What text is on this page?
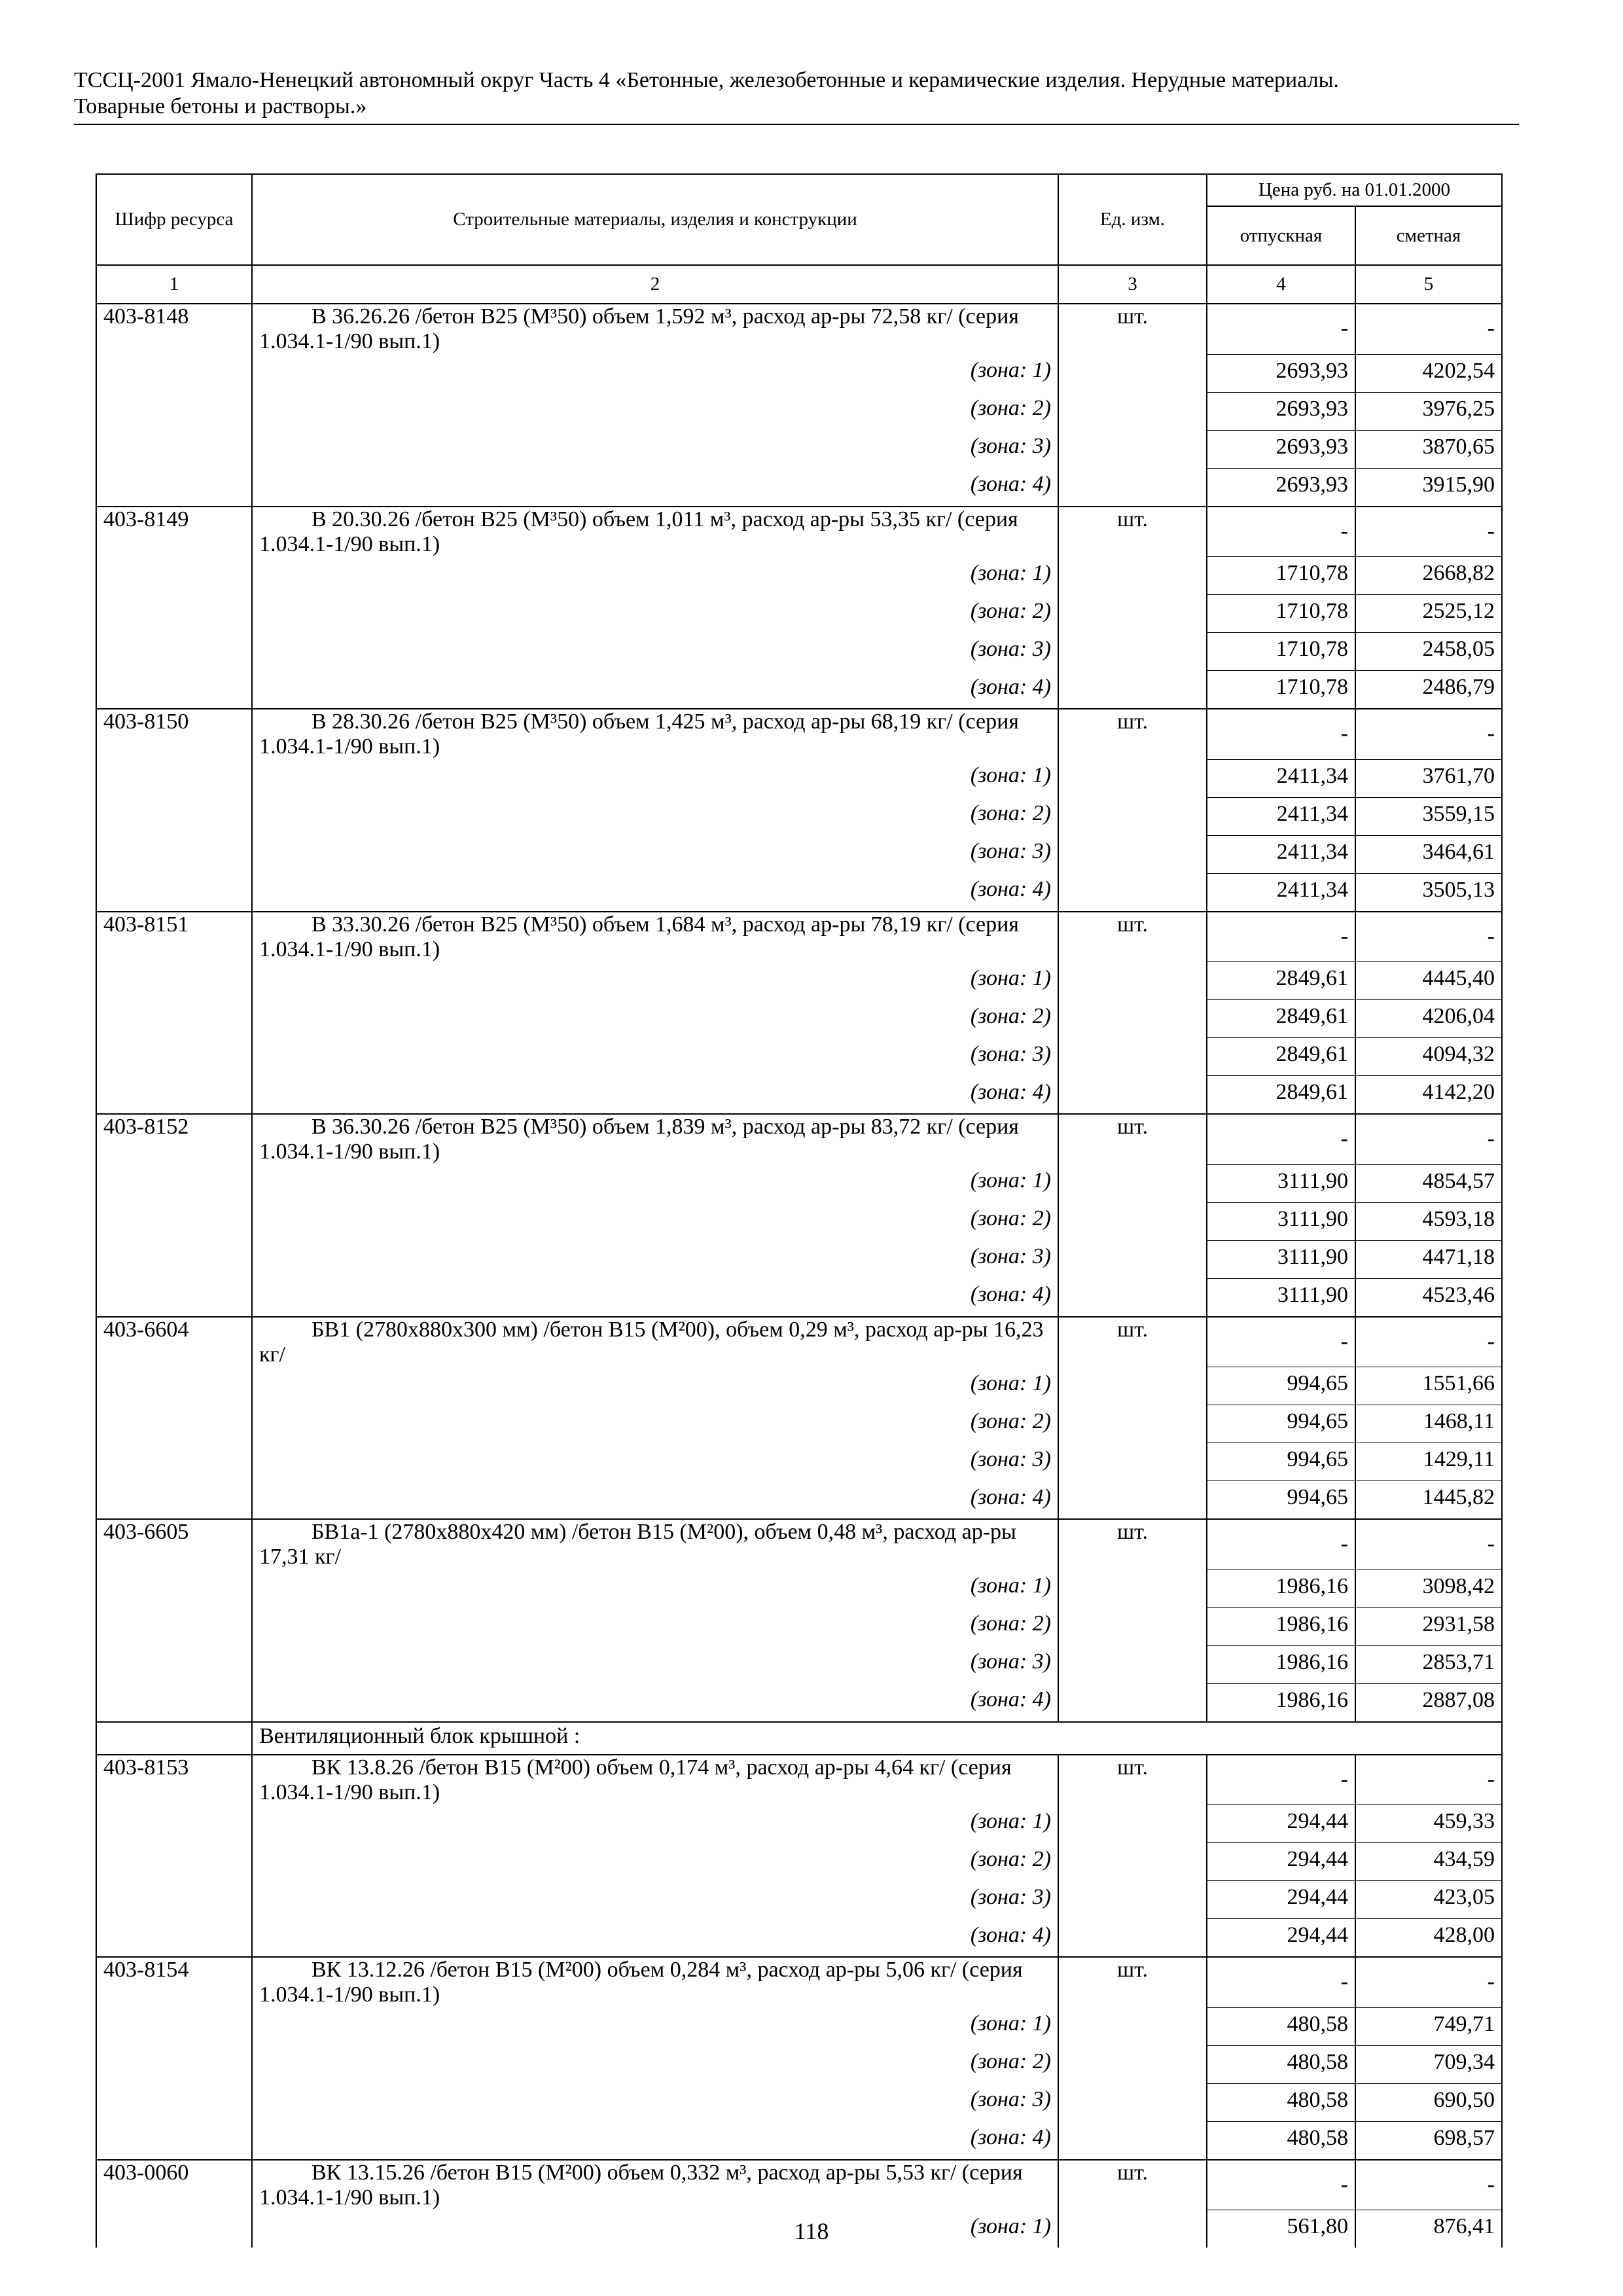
ТССЦ-2001 Ямало-Ненецкий автономный округ Часть 4 «Бетонные, железобетонные и керамические изделия. Нерудные материалы.
Товарные бетоны и растворы.»
Шифр ресурса	Строительные материалы, изделия и конструкции	Ед. изм.	Цена руб. на 01.01.2000	
			отпускная	сметная
1	2	3	4	5
403-8148	В 36.26.26 /бетон В25 (М³50) объем 1,592 м³, расход ар-ры 72,58 кг/ (серия 1.034.1-1/90 вып.1)	шт.	-	-
	(зона: 1)		2693,93	4202,54
	(зона: 2)		2693,93	3976,25
	(зона: 3)		2693,93	3870,65
	(зона: 4)		2693,93	3915,90
403-8149	В 20.30.26 /бетон В25 (М³50) объем 1,011 м³, расход ар-ры 53,35 кг/ (серия 1.034.1-1/90 вып.1)	шт.	-	-
	(зона: 1)		1710,78	2668,82
	(зона: 2)		1710,78	2525,12
	(зона: 3)		1710,78	2458,05
	(зона: 4)		1710,78	2486,79
403-8150	В 28.30.26 /бетон В25 (М³50) объем 1,425 м³, расход ар-ры 68,19 кг/ (серия 1.034.1-1/90 вып.1)	шт.	-	-
	(зона: 1)		2411,34	3761,70
	(зона: 2)		2411,34	3559,15
	(зона: 3)		2411,34	3464,61
	(зона: 4)		2411,34	3505,13
403-8151	В 33.30.26 /бетон В25 (М³50) объем 1,684 м³, расход ар-ры 78,19 кг/ (серия 1.034.1-1/90 вып.1)	шт.	-	-
	(зона: 1)		2849,61	4445,40
	(зона: 2)		2849,61	4206,04
	(зона: 3)		2849,61	4094,32
	(зона: 4)		2849,61	4142,20
403-8152	В 36.30.26 /бетон В25 (М³50) объем 1,839 м³, расход ар-ры 83,72 кг/ (серия 1.034.1-1/90 вып.1)	шт.	-	-
	(зона: 1)		3111,90	4854,57
	(зона: 2)		3111,90	4593,18
	(зона: 3)		3111,90	4471,18
	(зона: 4)		3111,90	4523,46
403-6604	БВ1 (2780х880х300 мм) /бетон В15 (М²00), объем 0,29 м³, расход ар-ры 16,23 кг/	шт.	-	-
	(зона: 1)		994,65	1551,66
	(зона: 2)		994,65	1468,11
	(зона: 3)		994,65	1429,11
	(зона: 4)		994,65	1445,82
403-6605	БВ1а-1 (2780х880х420 мм) /бетон В15 (М²00), объем 0,48 м³, расход ар-ры 17,31 кг/	шт.	-	-
	(зона: 1)		1986,16	3098,42
	(зона: 2)		1986,16	2931,58
	(зона: 3)		1986,16	2853,71
	(зона: 4)		1986,16	2887,08
	Вентиляционный блок крышной :			
403-8153	ВК 13.8.26 /бетон В15 (М²00) объем 0,174 м³, расход ар-ры 4,64 кг/ (серия 1.034.1-1/90 вып.1)	шт.	-	-
	(зона: 1)		294,44	459,33
	(зона: 2)		294,44	434,59
	(зона: 3)		294,44	423,05
	(зона: 4)		294,44	428,00
403-8154	ВК 13.12.26 /бетон В15 (М²00) объем 0,284 м³, расход ар-ры 5,06 кг/ (серия 1.034.1-1/90 вып.1)	шт.	-	-
	(зона: 1)		480,58	749,71
	(зона: 2)		480,58	709,34
	(зона: 3)		480,58	690,50
	(зона: 4)		480,58	698,57
403-0060	ВК 13.15.26 /бетон В15 (М²00) объем 0,332 м³, расход ар-ры 5,53 кг/ (серия 1.034.1-1/90 вып.1)	шт.	-	-
	(зона: 1)		561,80	876,41
118
